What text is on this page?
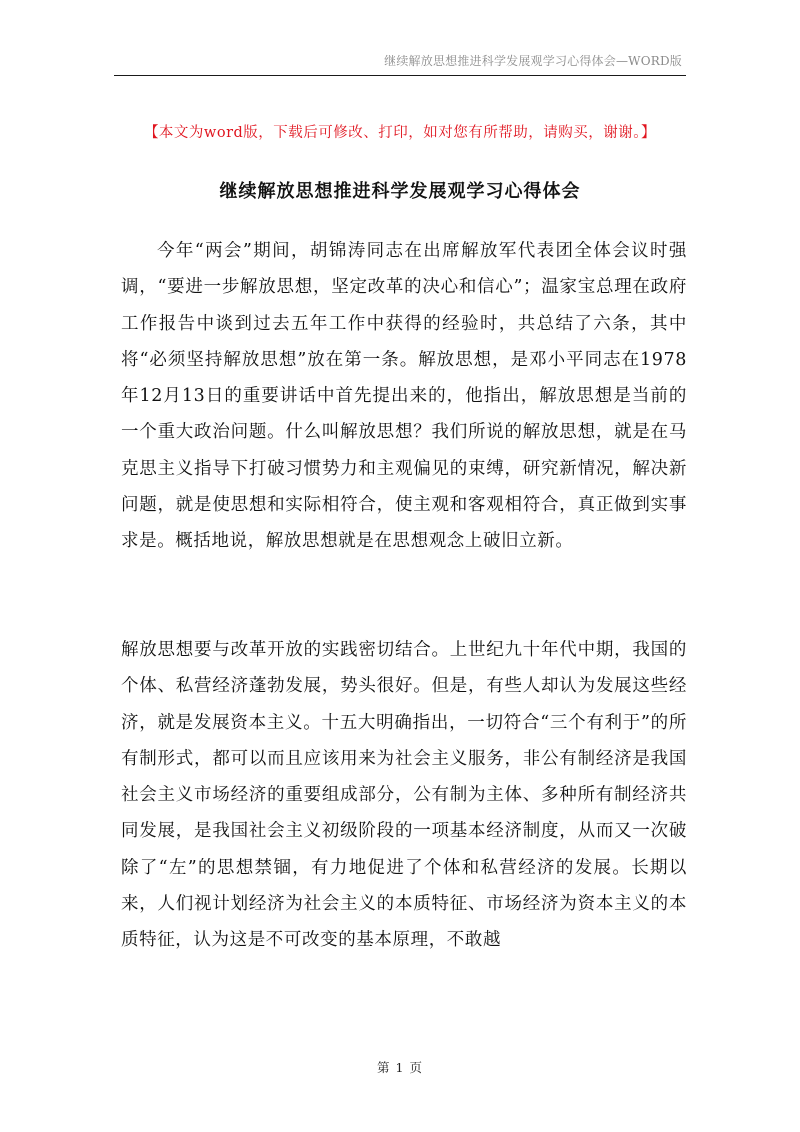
继续解放思想推进科学发展观学习心得体会—WORD版
【本文为word版，下载后可修改、打印，如对您有所帮助，请购买，谢谢。】
继续解放思想推进科学发展观学习心得体会

今年“两会”期间，胡锦涛同志在出席解放军代表团全体会议时强调，“要进一步解放思想，坚定改革的决心和信心”；温家宝总理在政府工作报告中谈到过去五年工作中获得的经验时，共总结了六条，其中将“必须坚持解放思想”放在第一条。解放思想，是邓小平同志在1978年12月13日的重要讲话中首先提出来的，他指出，解放思想是当前的一个重大政治问题。什么叫解放思想？我们所说的解放思想，就是在马克思主义指导下打破习惯势力和主观偏见的束缚，研究新情况，解决新问题，就是使思想和实际相符合，使主观和客观相符合，真正做到实事求是。概括地说，解放思想就是在思想观念上破旧立新。

解放思想要与改革开放的实践密切结合。上世纪九十年代中期，我国的个体、私营经济蓬勃发展，势头很好。但是，有些人却认为发展这些经济，就是发展资本主义。十五大明确指出，一切符合“三个有利于”的所有制形式，都可以而且应该用来为社会主义服务，非公有制经济是我国社会主义市场经济的重要组成部分，公有制为主体、多种所有制经济共同发展，是我国社会主义初级阶段的一项基本经济制度，从而又一次破除了“左”的思想禁锢，有力地促进了个体和私营经济的发展。长期以来，人们视计划经济为社会主义的本质特征、市场经济为资本主义的本质特征，认为这是不可改变的基本原理，不敢越

第 1 页
